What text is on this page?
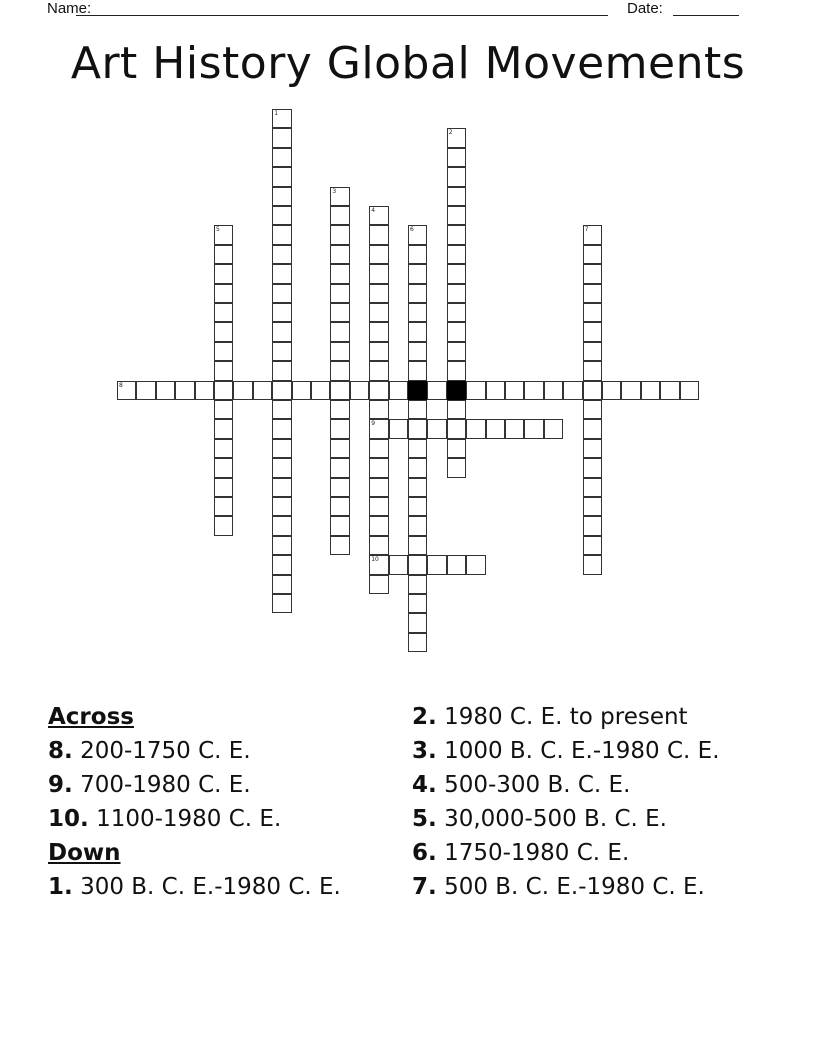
Name:	Date:
Art History Global Movements
1
2
3
4
9
10
5	6	7
8
Across
8. 200-1750 C. E.
9. 700-1980 C. E.
10. 1100-1980 C. E.
Down
1. 300 B. C. E.-1980 C. E.
2. 1980 C. E. to present
3. 1000 B. C. E.-1980 C. E.
4. 500-300 B. C. E.
5. 30,000-500 B. C. E.
6. 1750-1980 C. E.
7. 500 B. C. E.-1980 C. E.
